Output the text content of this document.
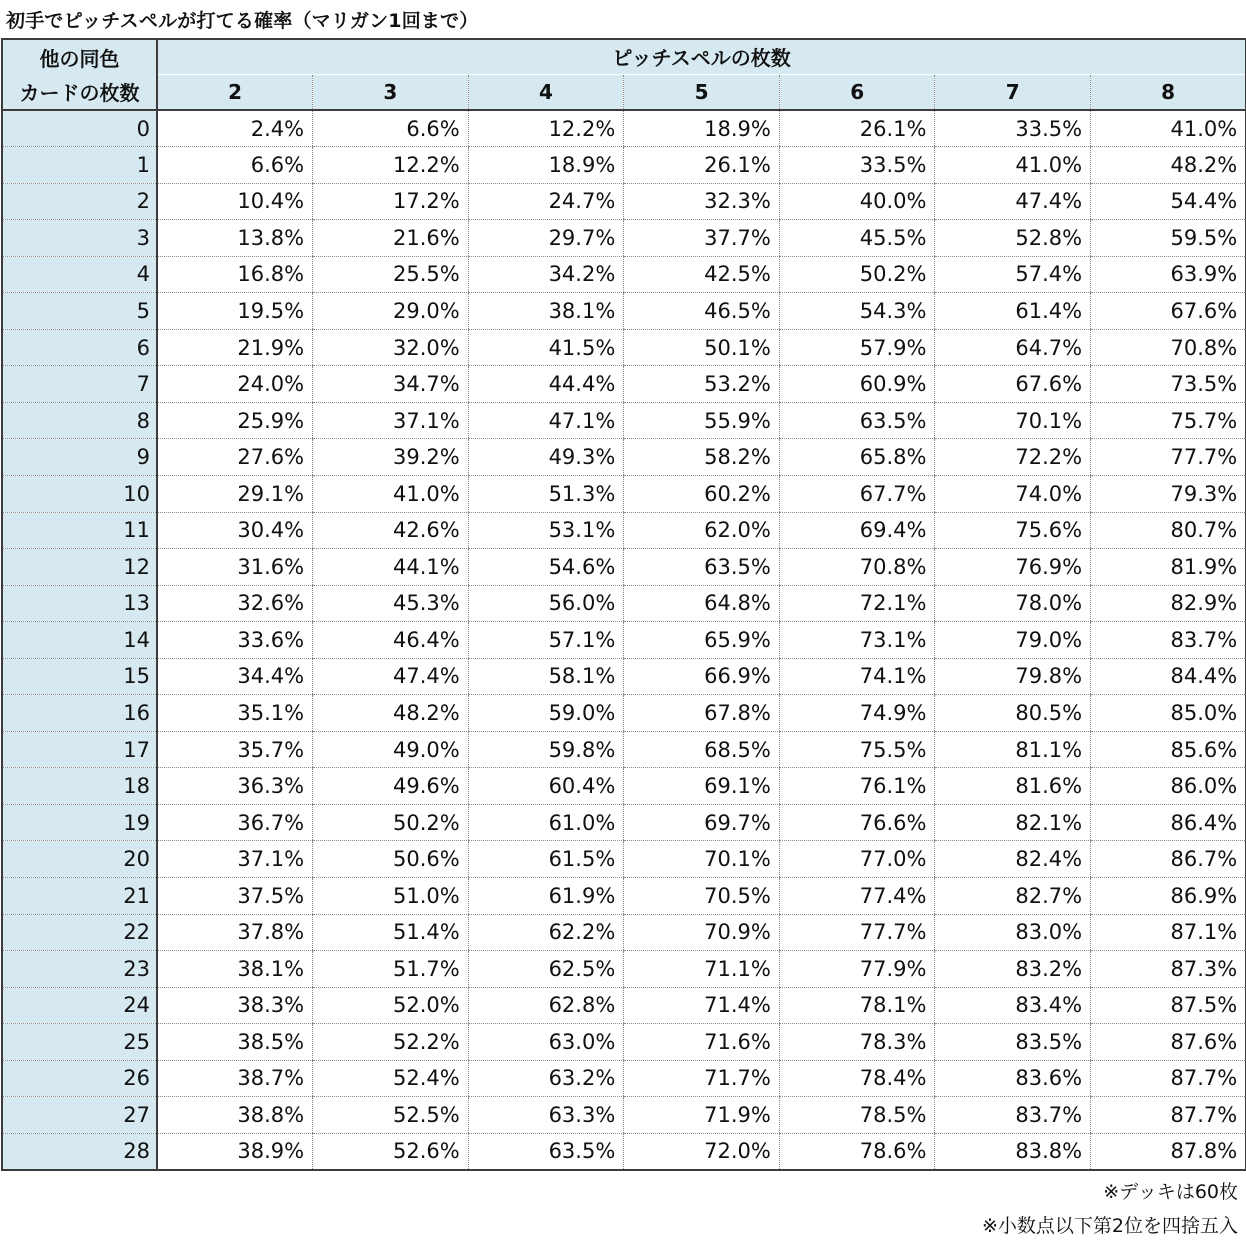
初手でピッチスペルが打てる確率（マリガン1回まで）
他の同色	ピッチスペルの枚数						
カードの枚数	2	3	4	5	6	7	8
0	2.4%	6.6%	12.2%	18.9%	26.1%	33.5%	41.0%
1	6.6%	12.2%	18.9%	26.1%	33.5%	41.0%	48.2%
2	10.4%	17.2%	24.7%	32.3%	40.0%	47.4%	54.4%
3	13.8%	21.6%	29.7%	37.7%	45.5%	52.8%	59.5%
4	16.8%	25.5%	34.2%	42.5%	50.2%	57.4%	63.9%
5	19.5%	29.0%	38.1%	46.5%	54.3%	61.4%	67.6%
6	21.9%	32.0%	41.5%	50.1%	57.9%	64.7%	70.8%
7	24.0%	34.7%	44.4%	53.2%	60.9%	67.6%	73.5%
8	25.9%	37.1%	47.1%	55.9%	63.5%	70.1%	75.7%
9	27.6%	39.2%	49.3%	58.2%	65.8%	72.2%	77.7%
10	29.1%	41.0%	51.3%	60.2%	67.7%	74.0%	79.3%
11	30.4%	42.6%	53.1%	62.0%	69.4%	75.6%	80.7%
12	31.6%	44.1%	54.6%	63.5%	70.8%	76.9%	81.9%
13	32.6%	45.3%	56.0%	64.8%	72.1%	78.0%	82.9%
14	33.6%	46.4%	57.1%	65.9%	73.1%	79.0%	83.7%
15	34.4%	47.4%	58.1%	66.9%	74.1%	79.8%	84.4%
16	35.1%	48.2%	59.0%	67.8%	74.9%	80.5%	85.0%
17	35.7%	49.0%	59.8%	68.5%	75.5%	81.1%	85.6%
18	36.3%	49.6%	60.4%	69.1%	76.1%	81.6%	86.0%
19	36.7%	50.2%	61.0%	69.7%	76.6%	82.1%	86.4%
20	37.1%	50.6%	61.5%	70.1%	77.0%	82.4%	86.7%
21	37.5%	51.0%	61.9%	70.5%	77.4%	82.7%	86.9%
22	37.8%	51.4%	62.2%	70.9%	77.7%	83.0%	87.1%
23	38.1%	51.7%	62.5%	71.1%	77.9%	83.2%	87.3%
24	38.3%	52.0%	62.8%	71.4%	78.1%	83.4%	87.5%
25	38.5%	52.2%	63.0%	71.6%	78.3%	83.5%	87.6%
26	38.7%	52.4%	63.2%	71.7%	78.4%	83.6%	87.7%
27	38.8%	52.5%	63.3%	71.9%	78.5%	83.7%	87.7%
28	38.9%	52.6%	63.5%	72.0%	78.6%	83.8%	87.8%
※デッキは60枚
※小数点以下第2位を四捨五入
